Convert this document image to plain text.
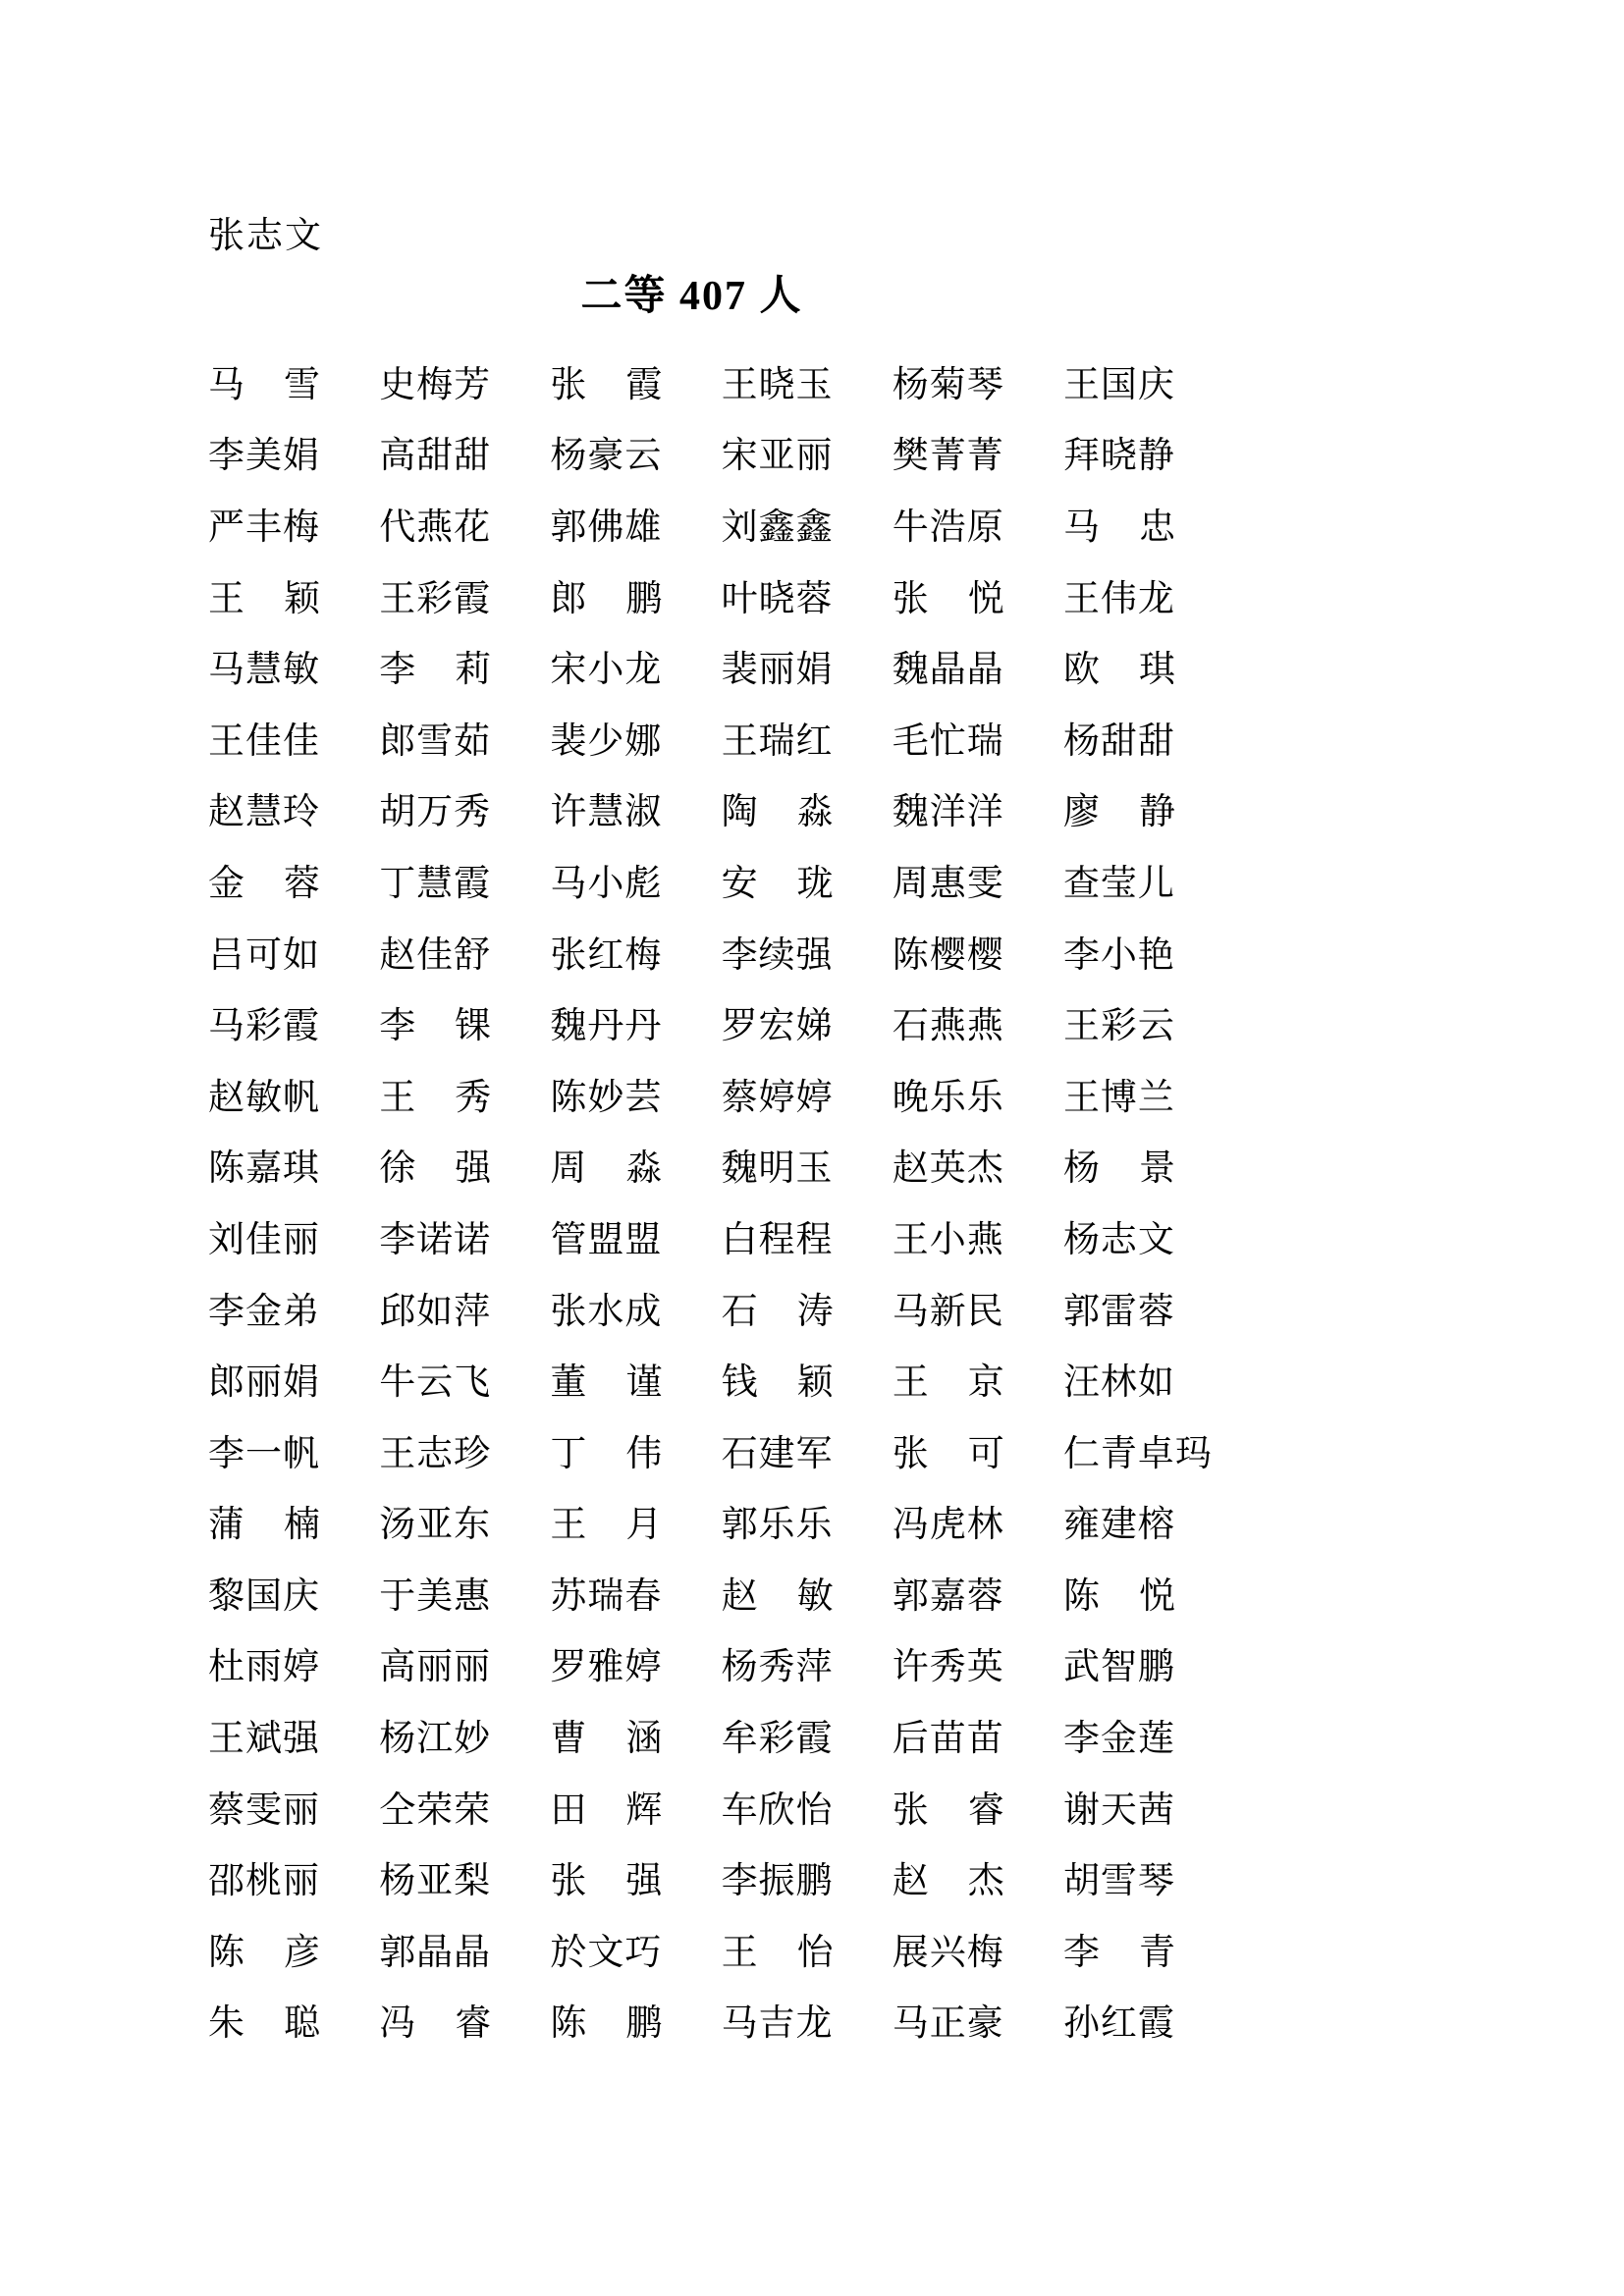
张志文
二等 407 人
马 雪 史梅芳 张 霞 王晓玉 杨菊琴 王国庆
李美娟 高甜甜 杨豪云 宋亚丽 樊菁菁 拜晓静
严丰梅 代燕花 郭佛雄 刘鑫鑫 牛浩原 马 忠
王 颖 王彩霞 郎 鹏 叶晓蓉 张 悦 王伟龙
马慧敏 李 莉 宋小龙 裴丽娟 魏晶晶 欧 琪
王佳佳 郎雪茹 裴少娜 王瑞红 毛忙瑞 杨甜甜
赵慧玲 胡万秀 许慧淑 陶 淼 魏洋洋 廖 静
金 蓉 丁慧霞 马小彪 安 珑 周惠雯 查莹儿
吕可如 赵佳舒 张红梅 李续强 陈樱樱 李小艳
马彩霞 李 锞 魏丹丹 罗宏娣 石燕燕 王彩云
赵敏帆 王 秀 陈妙芸 蔡婷婷 晚乐乐 王博兰
陈嘉琪 徐 强 周 淼 魏明玉 赵英杰 杨 景
刘佳丽 李诺诺 管盟盟 白程程 王小燕 杨志文
李金弟 邱如萍 张水成 石 涛 马新民 郭雷蓉
郎丽娟 牛云飞 董 谨 钱 颖 王 京 汪林如
李一帆 王志珍 丁 伟 石建军 张 可 仁青卓玛
蒲 楠 汤亚东 王 月 郭乐乐 冯虎林 雍建榕
黎国庆 于美惠 苏瑞春 赵 敏 郭嘉蓉 陈 悦
杜雨婷 高丽丽 罗雅婷 杨秀萍 许秀英 武智鹏
王斌强 杨江妙 曹 涵 牟彩霞 后苗苗 李金莲
蔡雯丽 仝荣荣 田 辉 车欣怡 张 睿 谢天茜
邵桃丽 杨亚梨 张 强 李振鹏 赵 杰 胡雪琴
陈 彦 郭晶晶 於文巧 王 怡 展兴梅 李 青
朱 聪 冯 睿 陈 鹏 马吉龙 马正豪 孙红霞
